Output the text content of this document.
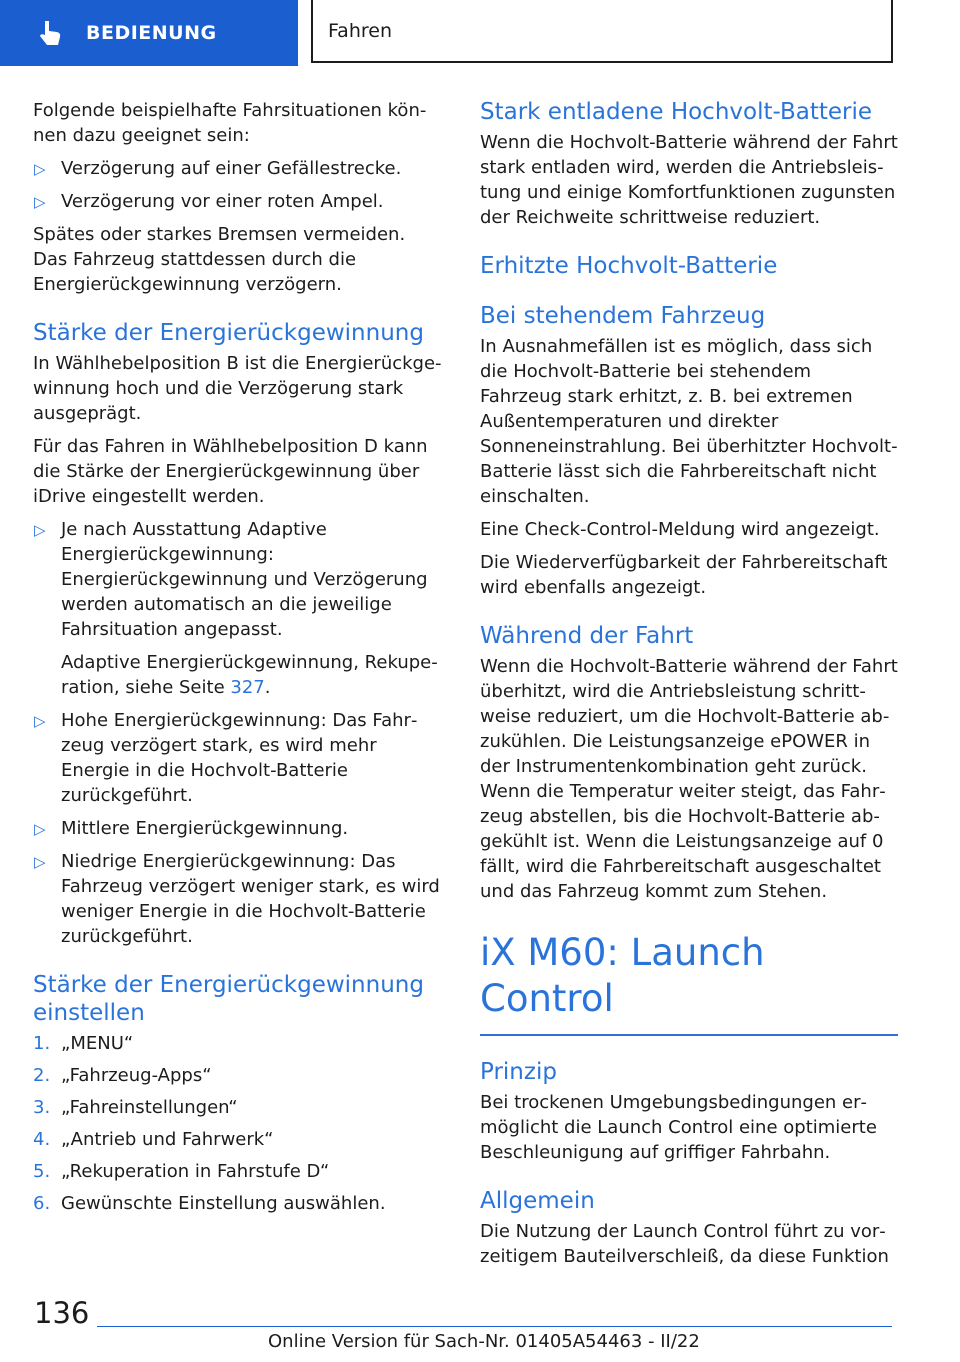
BEDIENUNG	Fahren

Folgende beispielhafte Fahrsituationen können dazu geeignet sein:

▷ Verzögerung auf einer Gefällestrecke.
▷ Verzögerung vor einer roten Ampel.

Spätes oder starkes Bremsen vermeiden. Das Fahrzeug stattdessen durch die Energierückgewinnung verzögern.

Stärke der Energierückgewinnung

In Wählhebelposition B ist die Energierückgewinnung hoch und die Verzögerung stark ausgeprägt.

Für das Fahren in Wählhebelposition D kann die Stärke der Energierückgewinnung über iDrive eingestellt werden.

▷ Je nach Ausstattung Adaptive Energierückgewinnung: Energierückgewinnung und Verzögerung werden automatisch an die jeweilige Fahrsituation angepasst.

Adaptive Energierückgewinnung, Rekuperation, siehe Seite 327.

▷ Hohe Energierückgewinnung: Das Fahrzeug verzögert stark, es wird mehr Energie in die Hochvolt-Batterie zurückgeführt.
▷ Mittlere Energierückgewinnung.
▷ Niedrige Energierückgewinnung: Das Fahrzeug verzögert weniger stark, es wird weniger Energie in die Hochvolt-Batterie zurückgeführt.
Stärke der Energierückgewinnung einstellen
1. „MENU“
2. „Fahrzeug-Apps“
3. „Fahreinstellungen“
4. „Antrieb und Fahrwerk“
5. „Rekuperation in Fahrstufe D“
6. Gewünschte Einstellung auswählen.
Stark entladene Hochvolt-Batterie

Wenn die Hochvolt-Batterie während der Fahrt stark entladen wird, werden die Antriebsleistung und einige Komfortfunktionen zugunsten der Reichweite schrittweise reduziert.

Erhitzte Hochvolt-Batterie
Bei stehendem Fahrzeug

In Ausnahmefällen ist es möglich, dass sich die Hochvolt-Batterie bei stehendem Fahrzeug stark erhitzt, z. B. bei extremen Außentemperaturen und direkter Sonneneinstrahlung. Bei überhitzter Hochvolt-Batterie lässt sich die Fahrbereitschaft nicht einschalten.

Eine Check-Control-Meldung wird angezeigt.

Die Wiederverfügbarkeit der Fahrbereitschaft wird ebenfalls angezeigt.

Während der Fahrt

Wenn die Hochvolt-Batterie während der Fahrt überhitzt, wird die Antriebsleistung schrittweise reduziert, um die Hochvolt-Batterie abzukühlen. Die Leistungsanzeige ePOWER in der Instrumentenkombination geht zurück. Wenn die Temperatur weiter steigt, das Fahrzeug abstellen, bis die Hochvolt-Batterie abgekühlt ist. Wenn die Leistungsanzeige auf 0 fällt, wird die Fahrbereitschaft ausgeschaltet und das Fahrzeug kommt zum Stehen.

iX M60: Launch Control
Prinzip

Bei trockenen Umgebungsbedingungen ermöglicht die Launch Control eine optimierte Beschleunigung auf griffiger Fahrbahn.

Allgemein

Die Nutzung der Launch Control führt zu vorzeitigem Bauteilverschleiß, da diese Funktion

136
Online Version für Sach-Nr. 01405A54463 - II/22
